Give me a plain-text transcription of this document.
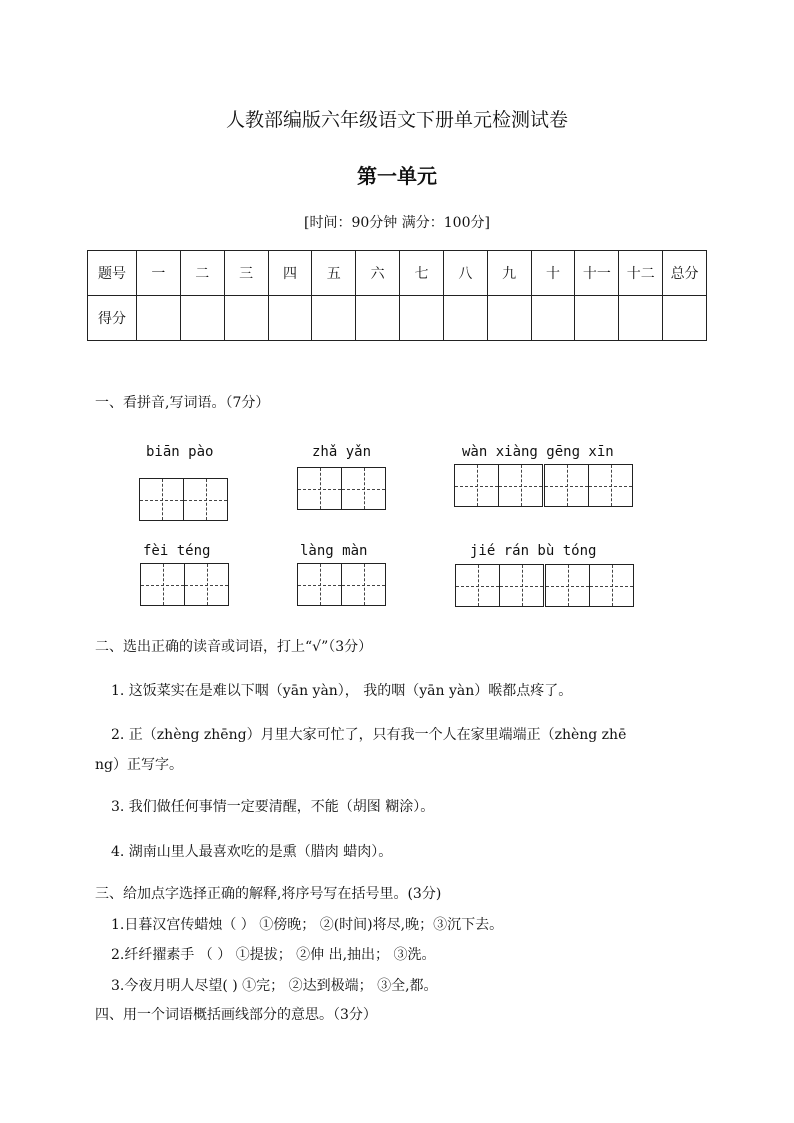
人教部编版六年级语文下册单元检测试卷
第一单元
[时间：90分钟 满分：100分]
题号	一	二	三	四	五	六	七	八	九	十	十一	十二	总分
得分													
一、看拼音,写词语。（7分）
biān pào	zhǎ yǎn	wàn xiàng gēng xīn
fèi téng	làng màn	jié rán bù tóng
二、选出正确的读音或词语，打上“√”（3分）
1. 这饭菜实在是难以下咽（yān yàn）， 我的咽（yān yàn）喉都点疼了。
2. 正（zhèng zhēng）月里大家可忙了，只有我一个人在家里端端正（zhèng zhē
ng）正写字。
3. 我们做任何事情一定要清醒，不能（胡图 糊涂）。
4. 湖南山里人最喜欢吃的是熏（腊肉 蜡肉）。
三、给加点字选择正确的解释,将序号写在括号里。(3分)
1.日暮汉宫传蜡烛（ ） ①傍晚； ②(时间)将尽,晚；③沉下去。
2.纤纤擢素手 （ ） ①提拔； ②伸 出,抽出； ③洗。
3.今夜月明人尽望( ) ①完； ②达到极端； ③全,都。
四、用一个词语概括画线部分的意思。（3分）
